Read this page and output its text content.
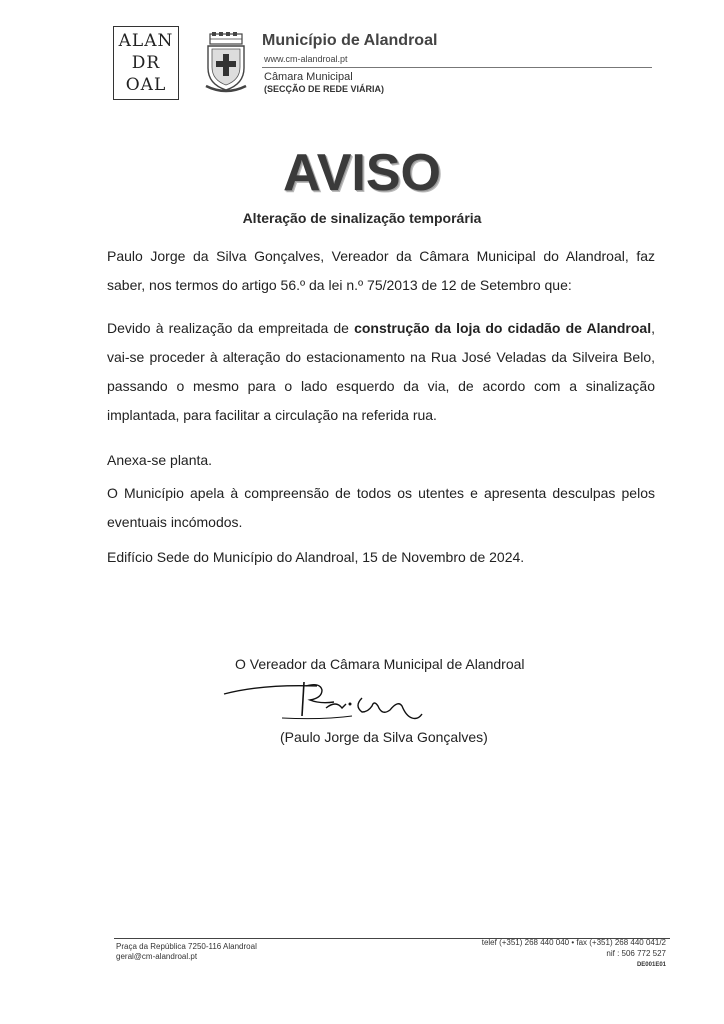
ALAN
DR
OAL
Município de Alandroal
www.cm-alandroal.pt
Câmara Municipal
(SECÇÃO DE REDE VIÁRIA)
AVISO
Alteração de sinalização temporária
Paulo Jorge da Silva Gonçalves, Vereador da Câmara Municipal do Alandroal, faz
saber, nos termos do artigo 56.º da lei n.º 75/2013 de 12 de Setembro que:
Devido à realização da empreitada de construção da loja do cidadão de Alandroal, vai-se proceder à alteração do estacionamento na Rua José Veladas da Silveira Belo, passando o mesmo para o lado esquerdo da via, de acordo com a sinalização implantada, para facilitar a circulação na referida rua.
Anexa-se planta.
O Município apela à compreensão de todos os utentes e apresenta desculpas pelos eventuais incómodos.
Edifício Sede do Município do Alandroal, 15 de Novembro de 2024.
O Vereador da Câmara Municipal de Alandroal
(Paulo Jorge da Silva Gonçalves)
Praça da República 7250-116 Alandroal
geral@cm-alandroal.pt
telef (+351) 268 440 040 • fax (+351) 268 440 041/2
nif : 506 772 527
DE001E01
